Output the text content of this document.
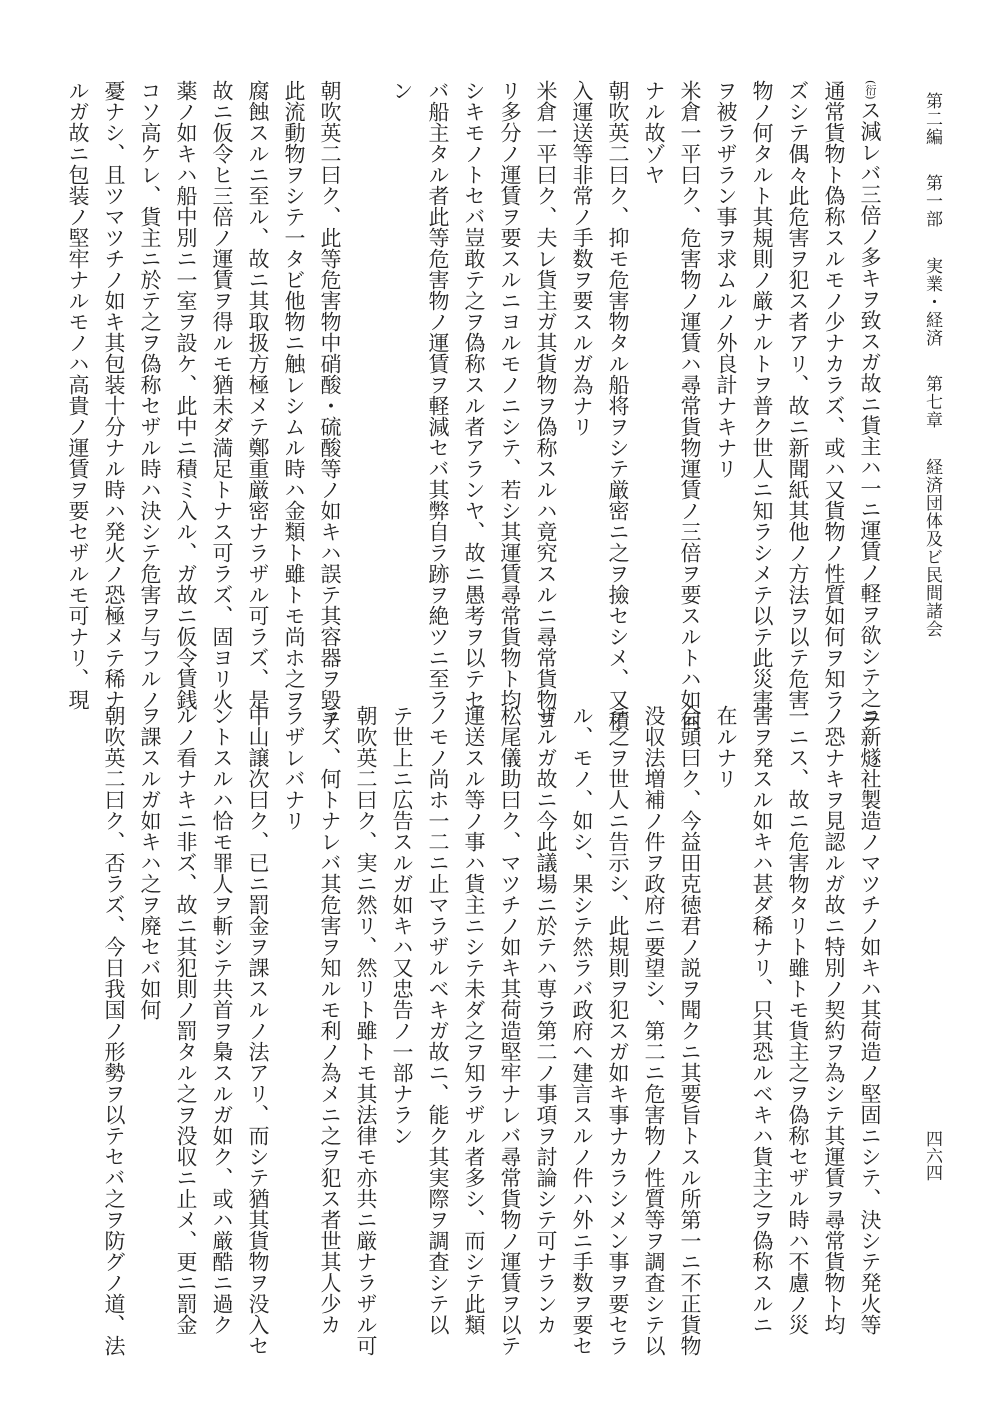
第二編 第一部 実業・経済 第七章 経済団体及ビ民間諸会
四六四
(衍)ス減レバ三倍ノ多キヲ致スガ故ニ貨主ハ一ニ運賃ノ軽ヲ欲シテ之ヲ
通常貨物ト偽称スルモノ少ナカラズ、或ハ又貨物ノ性質如何ヲ知ラ
ズシテ偶々此危害ヲ犯ス者アリ、故ニ新聞紙其他ノ方法ヲ以テ危害
物ノ何タルト其規則ノ厳ナルトヲ普ク世人ニ知ラシメテ以テ此災害
ヲ被ラザラン事ヲ求ムルノ外良計ナキナリ
米倉一平曰ク、危害物ノ運賃ハ尋常貨物運賃ノ三倍ヲ要スルトハ如何
ナル故ゾヤ
朝吹英二曰ク、抑モ危害物タル船将ヲシテ厳密ニ之ヲ撿セシメ、又積
入運送等非常ノ手数ヲ要スルガ為ナリ
米倉一平曰ク、夫レ貨主ガ其貨物ヲ偽称スルハ竟究スルニ尋常貨物ヨ
リ多分ノ運賃ヲ要スルニヨルモノニシテ、若シ其運賃尋常貨物ト均
シキモノトセバ豈敢テ之ヲ偽称スル者アランヤ、故ニ愚考ヲ以テセ
バ船主タル者此等危害物ノ運賃ヲ軽減セバ其弊自ラ跡ヲ絶ツニ至ラ
ン
朝吹英二曰ク、此等危害物中硝酸・硫酸等ノ如キハ誤テ其容器ヲ毀チ
此流動物ヲシテ一タビ他物ニ触レシムル時ハ金類ト雖トモ尚ホ之ヲ
腐蝕スルニ至ル、故ニ其取扱方極メテ鄭重厳密ナラザル可ラズ、是
故ニ仮令ヒ三倍ノ運賃ヲ得ルモ猶未ダ満足トナス可ラズ、固ヨリ火
薬ノ如キハ船中別ニ一室ヲ設ケ、此中ニ積ミ入ル、ガ故ニ仮令賃銭
コソ高ケレ、貨主ニ於テ之ヲ偽称セザル時ハ決シテ危害ヲ与フルノ
憂ナシ、且ツマツチノ如キ其包装十分ナル時ハ発火ノ恐極メテ稀ナ
ルガ故ニ包装ノ堅牢ナルモノハ高貴ノ運賃ヲ要セザルモ可ナリ、現
ニ新燧社製造ノマツチノ如キハ其荷造ノ堅固ニシテ、決シテ発火等
ノ恐ナキヲ見認ルガ故ニ特別ノ契約ヲ為シテ其運賃ヲ尋常貨物ト均
一ニス、故ニ危害物タリト雖トモ貨主之ヲ偽称セザル時ハ不慮ノ災
害ヲ発スル如キハ甚ダ稀ナリ、只其恐ルベキハ貨主之ヲ偽称スルニ
在ルナリ
会頭曰ク、今益田克徳君ノ説ヲ聞クニ其要旨トスル所第一ニ不正貨物
没収法増補ノ件ヲ政府ニ要望シ、第二ニ危害物ノ性質等ヲ調査シテ以
テ之ヲ世人ニ告示シ、此規則ヲ犯スガ如キ事ナカラシメン事ヲ要セラ
ル、モノ、如シ、果シテ然ラバ政府ヘ建言スルノ件ハ外ニ手数ヲ要セ
ザルガ故ニ今此議場ニ於テハ専ラ第二ノ事項ヲ討論シテ可ナランカ
松尾儀助曰ク、マツチノ如キ其荷造堅牢ナレバ尋常貨物ノ運賃ヲ以テ
運送スル等ノ事ハ貨主ニシテ未ダ之ヲ知ラザル者多シ、而シテ此類
ノモノ尚ホ一二ニ止マラザルベキガ故ニ、能ク其実際ヲ調査シテ以
テ世上ニ広告スルガ如キハ又忠告ノ一部ナラン
朝吹英二曰ク、実ニ然リ、然リト雖トモ其法律モ亦共ニ厳ナラザル可
ラズ、何トナレバ其危害ヲ知ルモ利ノ為メニ之ヲ犯ス者世其人少カ
ラザレバナリ
中山譲次曰ク、已ニ罰金ヲ課スルノ法アリ、而シテ猶其貨物ヲ没入セ
ントスルハ恰モ罪人ヲ斬シテ共首ヲ梟スルガ如ク、或ハ厳酷ニ過ク
ルノ看ナキニ非ズ、故ニ其犯則ノ罰タル之ヲ没収ニ止メ、更ニ罰金
ヲ課スルガ如キハ之ヲ廃セバ如何
朝吹英二曰ク、否ラズ、今日我国ノ形勢ヲ以テセバ之ヲ防グノ道、法
